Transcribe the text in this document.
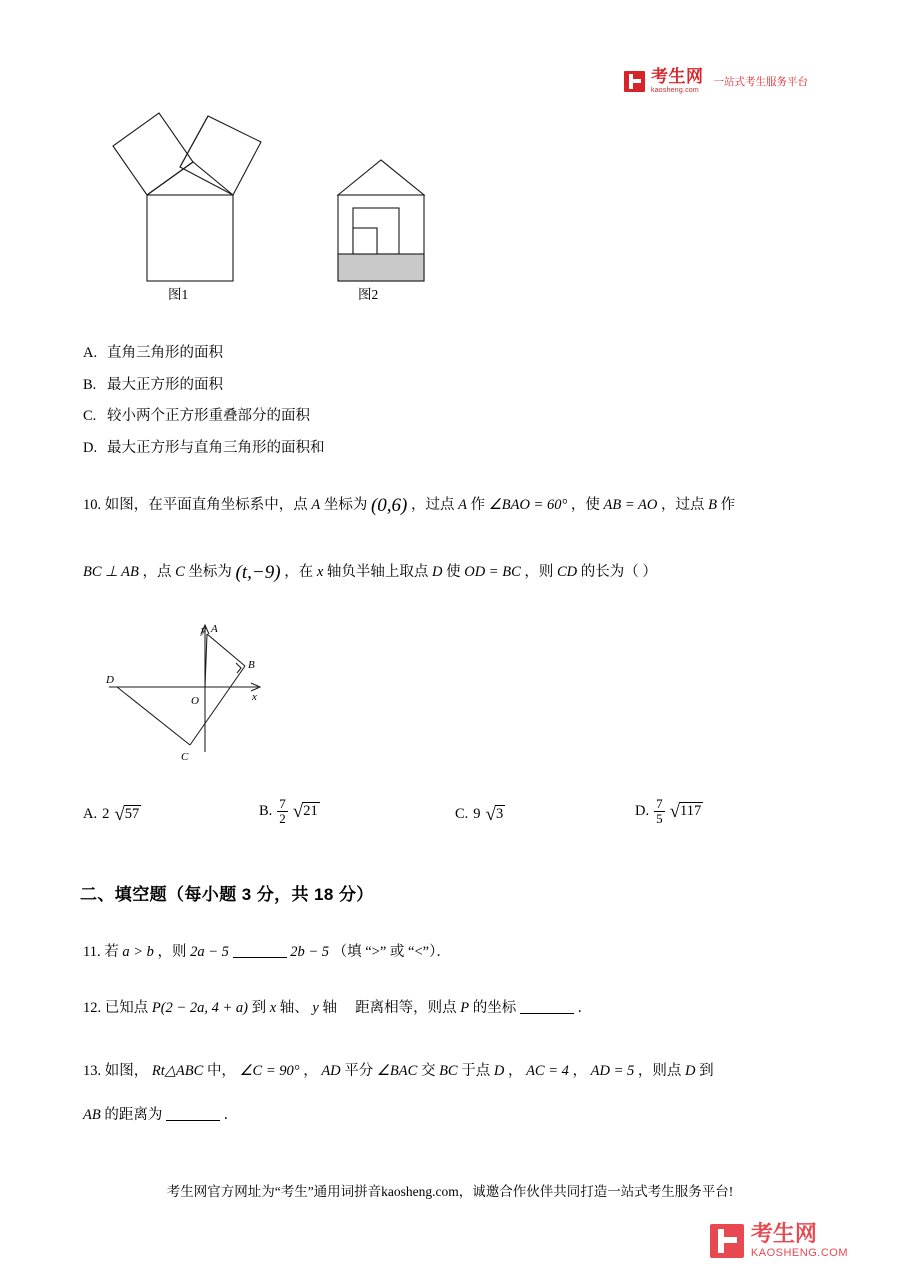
考生网
kaosheng.com
一站式考生服务平台
图1	图2
A. 直角三角形的面积
B. 最大正方形的面积
C. 较小两个正方形重叠部分的面积
D. 最大正方形与直角三角形的面积和
10. 如图，在平面直角坐标系中，点 A 坐标为 (0,6) ，过点 A 作 ∠BAO = 60° ，使 AB = AO ，过点 B 作
BC ⊥ AB ，点 C 坐标为 (t,−9) ，在 x 轴负半轴上取点 D 使 OD = BC ，则 CD 的长为（ ）
y
x
O
A
B
C
D
A. 2 √ 57	B. $\frac{7}{2}$ √ 21	C. 9 √ 3	D. $\frac{7}{5}$ √ 117
二、填空题（每小题 3 分，共 18 分）
11. 若 a > b ，则 2a − 5	2b − 5 （填 “>” 或 “<”）．
12. 已知点 P(2 − 2a, 4 + a) 到 x 轴、 y 轴 距离相等，则点 P 的坐标	．
13. 如图， Rt△ABC 中， ∠C = 90° ， AD 平分 ∠BAC 交 BC 于点 D ， AC = 4 ， AD = 5 ，则点 D 到
AB 的距离为	．
考生网官方网址为“考生”通用词拼音kaosheng.com，诚邀合作伙伴共同打造一站式考生服务平台!
考生网
KAOSHENG.COM
